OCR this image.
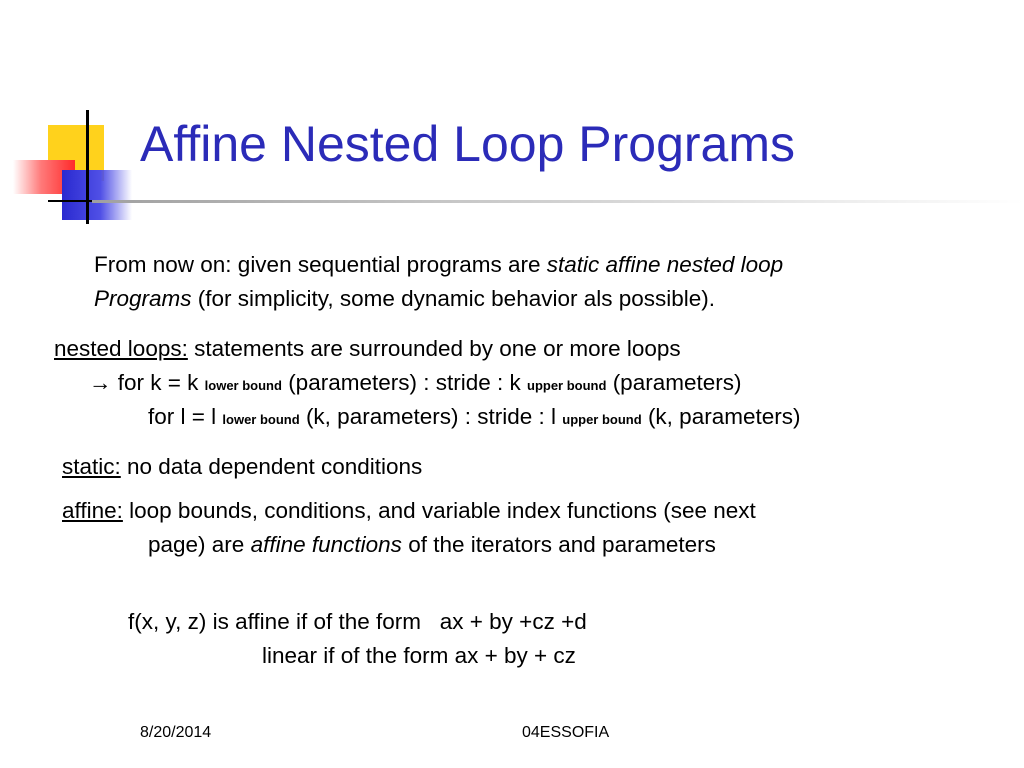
Affine Nested Loop Programs
From now on: given sequential programs are static affine nested loop
Programs (for simplicity, some dynamic behavior als possible).
nested loops: statements are surrounded by one or more loops
→ for k = k lower bound (parameters) : stride : k upper bound (parameters)
for l = l lower bound (k, parameters) : stride : l upper bound (k, parameters)
static: no data dependent conditions
affine: loop bounds, conditions, and variable index functions (see next
page) are affine functions of the iterators and parameters
f(x, y, z) is affine if of the form   ax + by +cz +d
linear if of the form ax + by + cz
8/20/2014	04ESSOFIA
